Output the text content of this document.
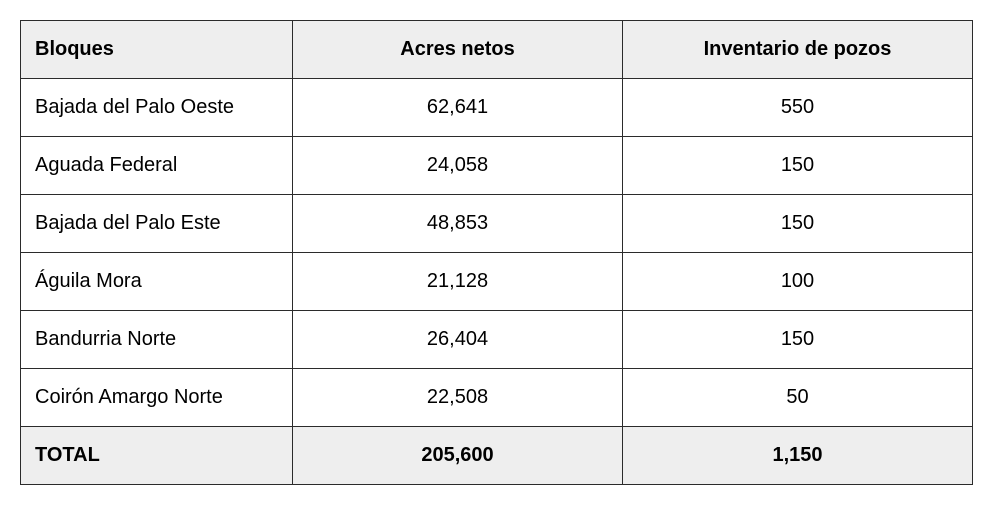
Bloques	Acres netos	Inventario de pozos
Bajada del Palo Oeste	62,641	550
Aguada Federal	24,058	150
Bajada del Palo Este	48,853	150
Águila Mora	21,128	100
Bandurria Norte	26,404	150
Coirón Amargo Norte	22,508	50
TOTAL	205,600	1,150
